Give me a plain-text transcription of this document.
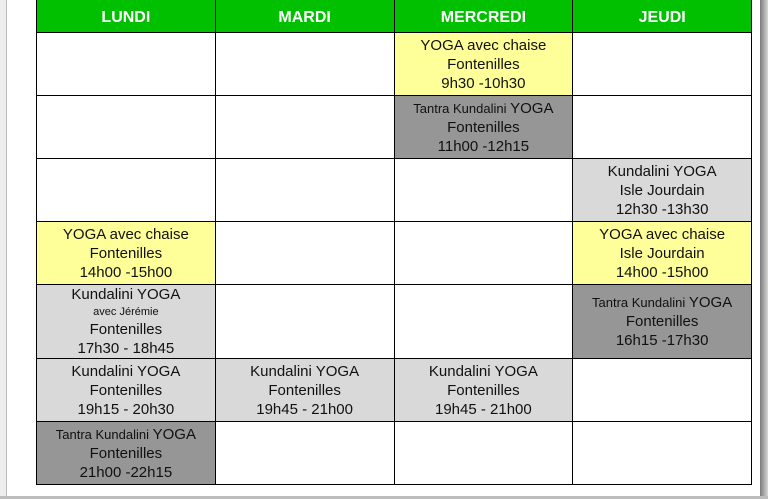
LUNDI	MARDI	MERCREDI	JEUDI

		YOGA avec chaise
Fontenilles
9h30 -10h30	

		Tantra Kundalini YOGA
Fontenilles
11h00 -12h15	

			Kundalini YOGA
Isle Jourdain
12h30 -13h30

YOGA avec chaise
Fontenilles
14h00 -15h00			YOGA avec chaise
Isle Jourdain
14h00 -15h00

Kundalini YOGA
avec Jérémie
Fontenilles
17h30 - 18h45			Tantra Kundalini YOGA
Fontenilles
16h15 -17h30

Kundalini YOGA
Fontenilles
19h15 - 20h30	Kundalini YOGA
Fontenilles
19h45 - 21h00	Kundalini YOGA
Fontenilles
19h45 - 21h00	

Tantra Kundalini YOGA
Fontenilles
21h00 -22h15			
